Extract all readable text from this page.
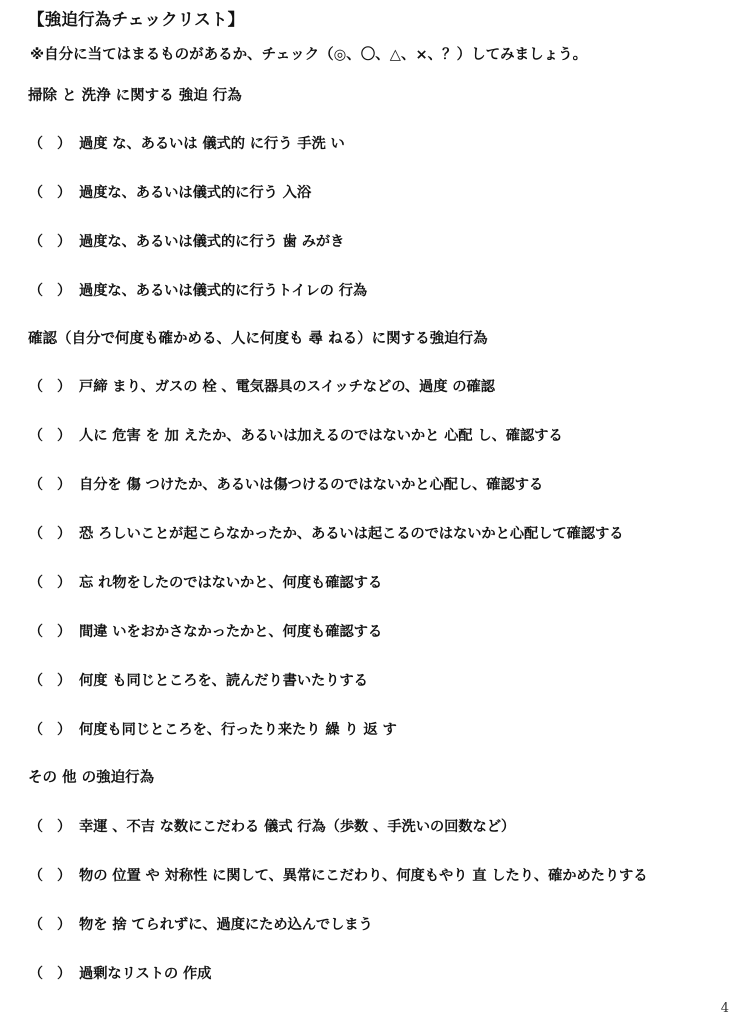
【強迫行為チェックリスト】
※自分に当てはまるものがあるか、チェック（◎、〇、△、×、？）してみましょう。
掃除 と 洗浄 に関する 強迫 行為
（　） 過度 な、あるいは 儀式的 に行う 手洗 い
（　） 過度な、あるいは儀式的に行う 入浴
（　） 過度な、あるいは儀式的に行う 歯 みがき
（　） 過度な、あるいは儀式的に行うトイレの 行為
確認（自分で何度も確かめる、人に何度も 尋 ねる）に関する強迫行為
（　） 戸締 まり、ガスの 栓 、電気器具のスイッチなどの、過度 の確認
（　） 人に 危害 を 加 えたか、あるいは加えるのではないかと 心配 し、確認する
（　） 自分を 傷 つけたか、あるいは傷つけるのではないかと心配し、確認する
（　） 恐 ろしいことが起こらなかったか、あるいは起こるのではないかと心配して確認する
（　） 忘 れ物をしたのではないかと、何度も確認する
（　） 間違 いをおかさなかったかと、何度も確認する
（　） 何度 も同じところを、読んだり書いたりする
（　） 何度も同じところを、行ったり来たり 繰 り 返 す
その 他 の強迫行為
（　） 幸運 、不吉 な数にこだわる 儀式 行為（歩数 、手洗いの回数など）
（　） 物の 位置 や 対称性 に関して、異常にこだわり、何度もやり 直 したり、確かめたりする
（　） 物を 捨 てられずに、過度にため込んでしまう
（　） 過剰なリストの 作成
4
